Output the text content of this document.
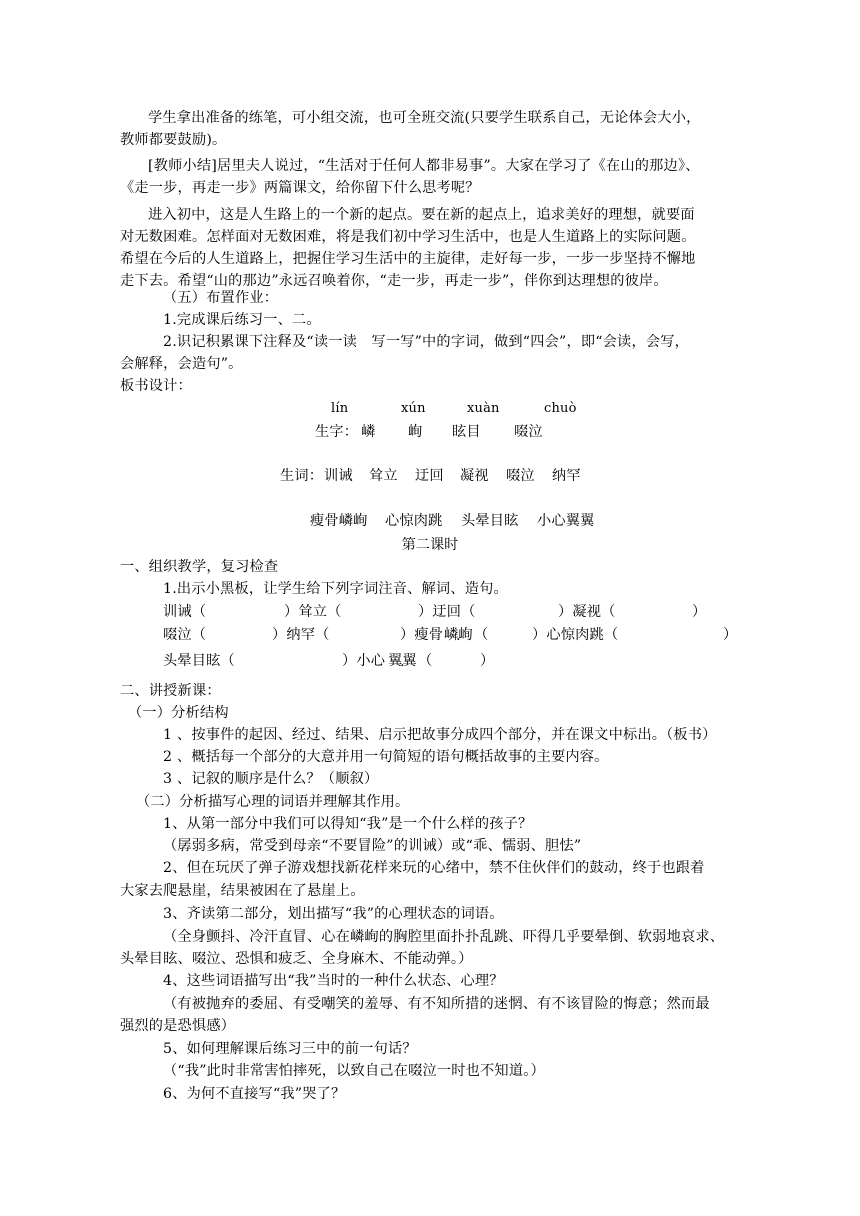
学生拿出准备的练笔，可小组交流，也可全班交流(只要学生联系自己，无论体会大小，
教师都要鼓励)。
[教师小结]居里夫人说过，“生活对于任何人都非易事”。大家在学习了《在山的那边》、
《走一步，再走一步》两篇课文，给你留下什么思考呢？
进入初中，这是人生路上的一个新的起点。要在新的起点上，追求美好的理想，就要面
对无数困难。怎样面对无数困难，将是我们初中学习生活中，也是人生道路上的实际问题。
希望在今后的人生道路上，把握住学习生活中的主旋律，走好每一步，一步一步坚持不懈地
走下去。希望“山的那边”永远召唤着你，“走一步，再走一步”，伴你到达理想的彼岸。
（五）布置作业：
1.完成课后练习一、二。
2.识记积累课下注释及“读一读　写一写”中的字词，做到“四会”，即“会读，会写，
会解释，会造句”。
板书设计：
lín	xún	xuàn	chuò
生字： 嶙 峋 眩目 啜泣
生词： 训诫 耸立 迂回 凝视 啜泣 纳罕
瘦骨嶙峋 心惊肉跳 头晕目眩 小心翼翼
第二课时
一、组织教学，复习检查
1.出示小黑板，让学生给下列字词注音、解词、造句。
训诫（	）耸立（	）迂回（	）凝视（	）
啜泣（	）纳罕（	）瘦骨 嶙峋 · （	）心惊肉跳（	）
头晕目眩（	）小心 翼翼 · （	）
二、讲授新课：
（一）分析结构
1 、按事件的起因、经过、结果、启示把故事分成四个部分，并在课文中标出。（板书）
2 、概括每一个部分的大意并用一句简短的语句概括故事的主要内容。
3 、记叙的顺序是什么？（顺叙）
（二）分析描写心理的词语并理解其作用。
1、从第一部分中我们可以得知“我”是一个什么样的孩子？
（孱弱多病，常受到母亲“不要冒险”的训诫）或“乖、懦弱、胆怯”
2、但在玩厌了弹子游戏想找新花样来玩的心绪中，禁不住伙伴们的鼓动，终于也跟着
大家去爬悬崖，结果被困在了悬崖上。
3、齐读第二部分，划出描写“我”的心理状态的词语。
（全身颤抖、冷汗直冒、心在嶙峋的胸腔里面扑扑乱跳、吓得几乎要晕倒、软弱地哀求、
头晕目眩、啜泣、恐惧和疲乏、全身麻木、不能动弹。）
4、这些词语描写出“我”当时的一种什么状态、心理？
（有被抛弃的委屈、有受嘲笑的羞辱、有不知所措的迷惘、有不该冒险的悔意；然而最
强烈的是恐惧感）
5、如何理解课后练习三中的前一句话？
（“我”此时非常害怕摔死，以致自己在啜泣一时也不知道。）
6、为何不直接写“我”哭了？
